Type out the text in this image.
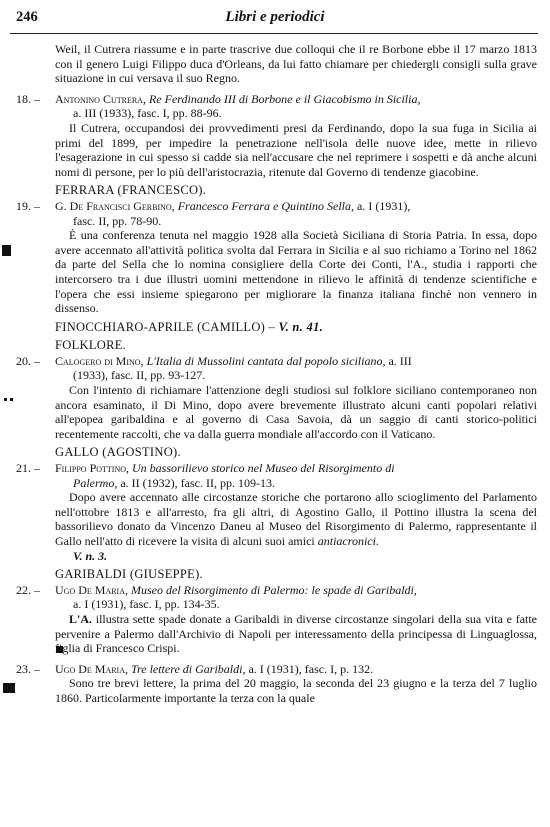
246	Libri e periodici

Weil, il Cutrera riassume e in parte trascrive due colloqui che il re Borbone ebbe il 17 marzo 1813 con il genero Luigi Filippo duca d'Orleans, da lui fatto chiamare per chiedergli consigli sulla grave situazione in cui versava il suo Regno.

18. –	Antonino Cutrera, Re Ferdinando III di Borbone e il Giacobismo in Sicilia,
a. III (1933), fasc. I, pp. 88-96.

Il Cutrera, occupandosi dei provvedimenti presi da Ferdinando, dopo la sua fuga in Sicilia ai primi del 1899, per impedire la penetrazione nell'isola delle nuove idee, mette in rilievo l'esagerazione in cui spesso si cadde sia nell'accusare che nel reprimere i sospetti e dà anche alcuni nomi di persone, per lo più dell'aristocrazia, ritenute dal Governo di tendenze giacobine.

FERRARA (FRANCESCO).

19. –	G. De Francisci Gerbino, Francesco Ferrara e Quintino Sella, a. I (1931),
fasc. II, pp. 78-90.

È una conferenza tenuta nel maggio 1928 alla Società Siciliana di Storia Patria. In essa, dopo avere accennato all'attività politica svolta dal Ferrara in Sicilia e al suo richiamo a Torino nel 1862 da parte del Sella che lo nomina consigliere della Corte dei Conti, l'A., studia i rapporti che intercorsero tra i due illustri uomini mettendone in rilievo le affinità di tendenze scientifiche e l'opera che essi insieme spiegarono per migliorare la finanza italiana finchè non vennero in dissenso.

FINOCCHIARO-APRILE (CAMILLO) – V. n. 41.

FOLKLORE.

20. –	Calogero di Mino, L'Italia di Mussolini cantata dal popolo siciliano, a. III
(1933), fasc. II, pp. 93-127.

Con l'intento di richiamare l'attenzione degli studiosi sul folklore siciliano contemporaneo non ancora esaminato, il Di Mino, dopo avere brevemente illustrato alcuni canti popolari relativi all'epopea garibaldina e al governo di Casa Savoia, dà un saggio di canti storico-politici recentemente raccolti, che va dalla guerra mondiale all'accordo con il Vaticano.

GALLO (AGOSTINO).

21. –	Filippo Pottino, Un bassorilievo storico nel Museo del Risorgimento di
Palermo, a. II (1932), fasc. II, pp. 109-13.

Dopo avere accennato alle circostanze storiche che portarono allo scioglimento del Parlamento nell'ottobre 1813 e all'arresto, fra gli altri, di Agostino Gallo, il Pottino illustra la scena del bassorilievo donato da Vincenzo Daneu al Museo del Risorgimento di Palermo, rappresentante il Gallo nell'atto di ricevere la visita di alcuni suoi amici antiacronici.

V. n. 3.

GARIBALDI (GIUSEPPE).

22. –	Ugo De Maria, Museo del Risorgimento di Palermo: le spade di Garibaldi,
a. I (1931), fasc. I, pp. 134-35.

L'A. illustra sette spade donate a Garibaldi in diverse circostanze singolari della sua vita e fatte pervenire a Palermo dall'Archivio di Napoli per interessamento della principessa di Linguaglossa, figlia di Francesco Crispi.

23. –	Ugo De Maria, Tre lettere di Garibaldi, a. I (1931), fasc. I, p. 132.

Sono tre brevi lettere, la prima del 20 maggio, la seconda del 23 giugno e la terza del 7 luglio 1860. Particolarmente importante la terza con la quale
